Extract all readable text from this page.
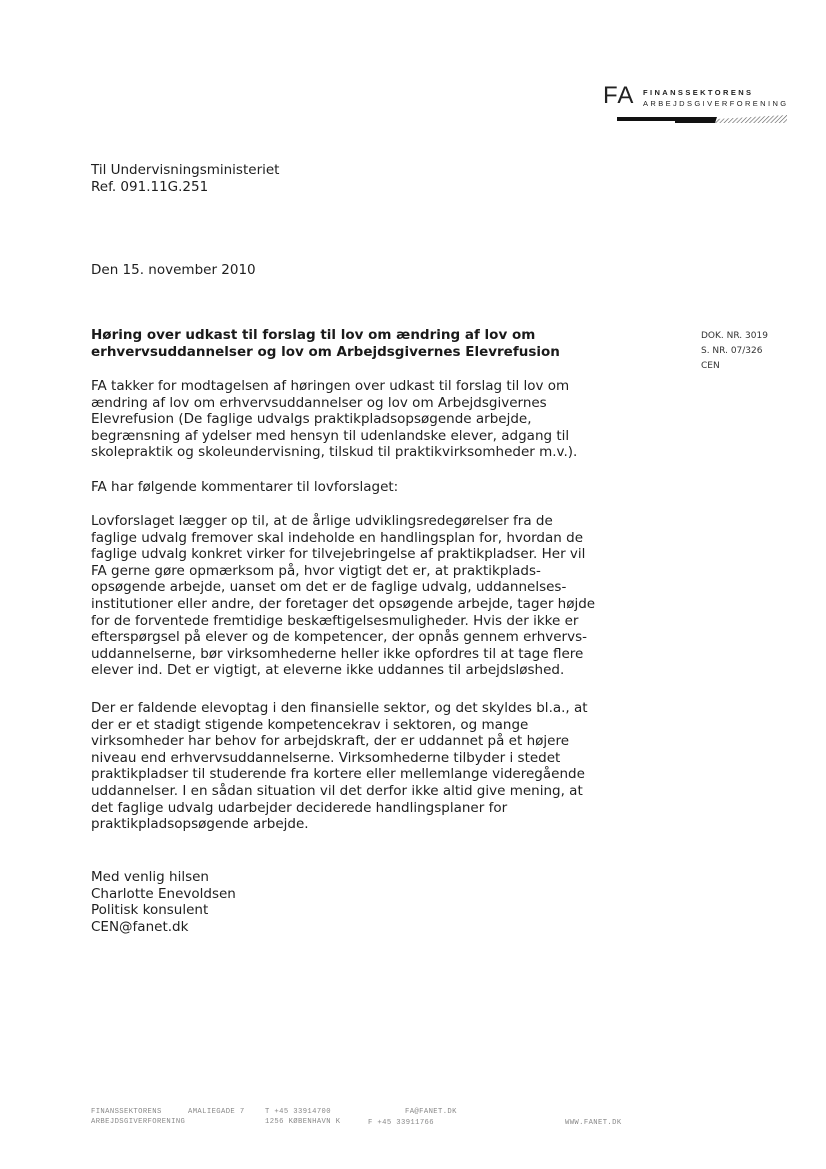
FA FINANSSEKTORENS
ARBEJDSGIVERFORENING

Til Undervisningsministeriet

Ref. 091.11G.251

Den 15. november 2010

Høring over udkast til forslag til lov om ændring af lov om

erhvervsuddannelser og lov om Arbejdsgivernes Elevrefusion

DOK. NR. 3019

S. NR. 07/326

CEN

FA takker for modtagelsen af høringen over udkast til forslag til lov om

ændring af lov om erhvervsuddannelser og lov om Arbejdsgivernes

Elevrefusion (De faglige udvalgs praktikpladsopsøgende arbejde,

begrænsning af ydelser med hensyn til udenlandske elever, adgang til

skolepraktik og skoleundervisning, tilskud til praktikvirksomheder m.v.).

FA har følgende kommentarer til lovforslaget:

Lovforslaget lægger op til, at de årlige udviklingsredegørelser fra de

faglige udvalg fremover skal indeholde en handlingsplan for, hvordan de

faglige udvalg konkret virker for tilvejebringelse af praktikpladser. Her vil

FA gerne gøre opmærksom på, hvor vigtigt det er, at praktikplads-

opsøgende arbejde, uanset om det er de faglige udvalg, uddannelses-

institutioner eller andre, der foretager det opsøgende arbejde, tager højde

for de forventede fremtidige beskæftigelsesmuligheder. Hvis der ikke er

efterspørgsel på elever og de kompetencer, der opnås gennem erhvervs-

uddannelserne, bør virksomhederne heller ikke opfordres til at tage flere

elever ind. Det er vigtigt, at eleverne ikke uddannes til arbejdsløshed.

Der er faldende elevoptag i den finansielle sektor, og det skyldes bl.a., at

der er et stadigt stigende kompetencekrav i sektoren, og mange

virksomheder har behov for arbejdskraft, der er uddannet på et højere

niveau end erhvervsuddannelserne. Virksomhederne tilbyder i stedet

praktikpladser til studerende fra kortere eller mellemlange videregående

uddannelser. I en sådan situation vil det derfor ikke altid give mening, at

det faglige udvalg udarbejder deciderede handlingsplaner for

praktikpladsopsøgende arbejde.

Med venlig hilsen

Charlotte Enevoldsen

Politisk konsulent

CEN@fanet.dk

FINANSSEKTORENS

ARBEJDSGIVERFORENING

AMALIEGADE 7	T +45 33914700

1256 KØBENHAVN K

FA@FANET.DK
F +45 33911766	WWW.FANET.DK
